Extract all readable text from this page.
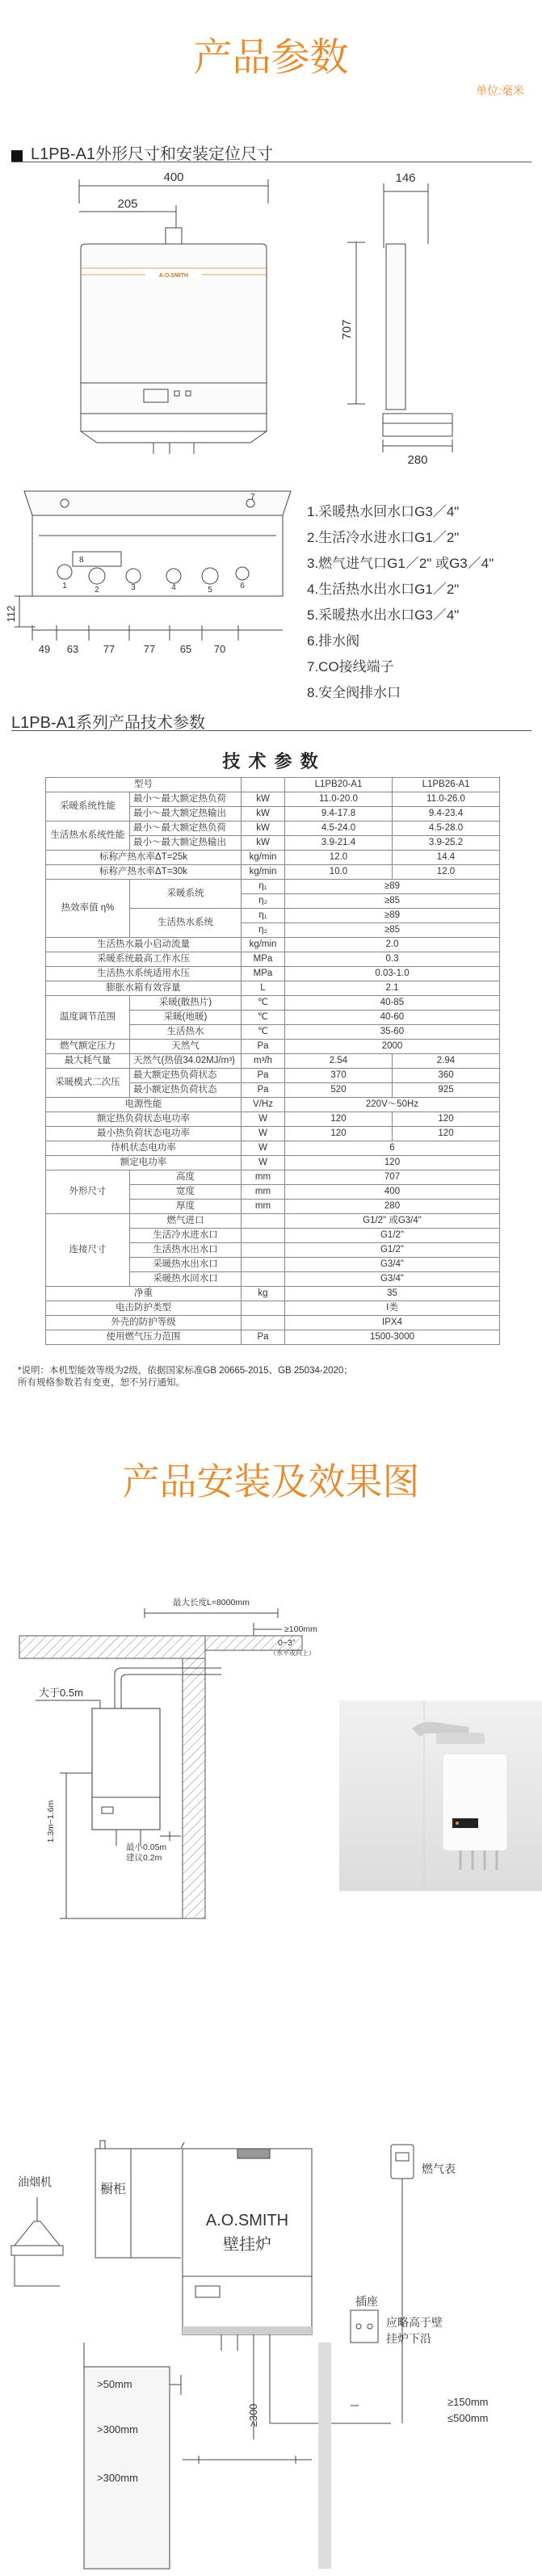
产品参数
单位:毫米
L1PB-A1外形尺寸和安装定位尺寸
A.O.SMITH
400
205
146
707
280
1	2	3	4	5	6
8
7
112
49 63 77	77 65 70
1.采暖热水回水口G3／4"
2.生活冷水进水口G1／2"
3.燃气进气口G1／2" 或G3／4"
4.生活热水出水口G1／2"
5.采暖热水出水口G3／4"
6.排水阀
7.CO接线端子
8.安全阀排水口
L1PB-A1系列产品技术参数
技 术 参 数
型号			L1PB20-A1	L1PB26-A1
采暖系统性能	最小～最大额定热负荷	kW	11.0-20.0	11.0-26.0
	最小～最大额定热输出	kW	9.4-17.8	9.4-23.4
生活热水系统性能	最小～最大额定热负荷	kW	4.5-24.0	4.5-28.0
	最小～最大额定热输出	kW	3.9-21.4	3.9-25.2
标称产热水率ΔT=25k		kg/min	12.0	14.4
标称产热水率ΔT=30k		kg/min	10.0	12.0
热效率值 η%	采暖系统	η₁	≥89	
		η₂	≥85	
	生活热水系统	η₁	≥89	
		η₂	≥85	
生活热水最小启动流量		kg/min	2.0	
采暖系统最高工作水压		MPa	0.3	
生活热水系统适用水压		MPa	0.03-1.0	
膨胀水箱有效容量		L	2.1	
温度调节范围	采暖(散热片)	℃	40-85	
	采暖(地暖)	℃	40-60	
	生活热水	℃	35-60	
燃气额定压力	天然气	Pa	2000	
最大耗气量	天然气(热值34.02MJ/m³)	m³/h	2.54	2.94
采暖模式二次压	最大额定热负荷状态	Pa	370	360
	最小额定热负荷状态	Pa	520	925
电源性能		V/Hz	220V～50Hz	
额定热负荷状态电功率		W	120	120
最小热负荷状态电功率		W	120	120
待机状态电功率		W	6	
额定电功率		W	120	
外形尺寸	高度	mm	707	
	宽度	mm	400	
	厚度	mm	280	
连接尺寸	燃气进口		G1/2" 或G3/4"	
	生活冷水进水口		G1/2"	
	生活热水出水口		G1/2"	
	采暖热水出水口		G3/4"	
	采暖热水回水口		G3/4"	
净重		kg	35	
电击防护类型			I类	
外壳的防护等级			IPX4	
使用燃气压力范围		Pa	1500-3000	
*说明：本机型能效等级为2级，依据国家标准GB 20665-2015、GB 25034-2020；
所有规格参数若有变更，恕不另行通知。
产品安装及效果图
最大长度L=8000mm
≥100mm
0~3°
（水平或向上）
大于0.5m
最小0.05m
建议0.2m
1.3m~1.6m
油烟机
橱柜
A.O.SMITH
壁挂炉
燃气表
插座
应略高于壁
挂炉下沿
>50mm
>300mm
≥300
>300mm
≥150mm
≤500mm
